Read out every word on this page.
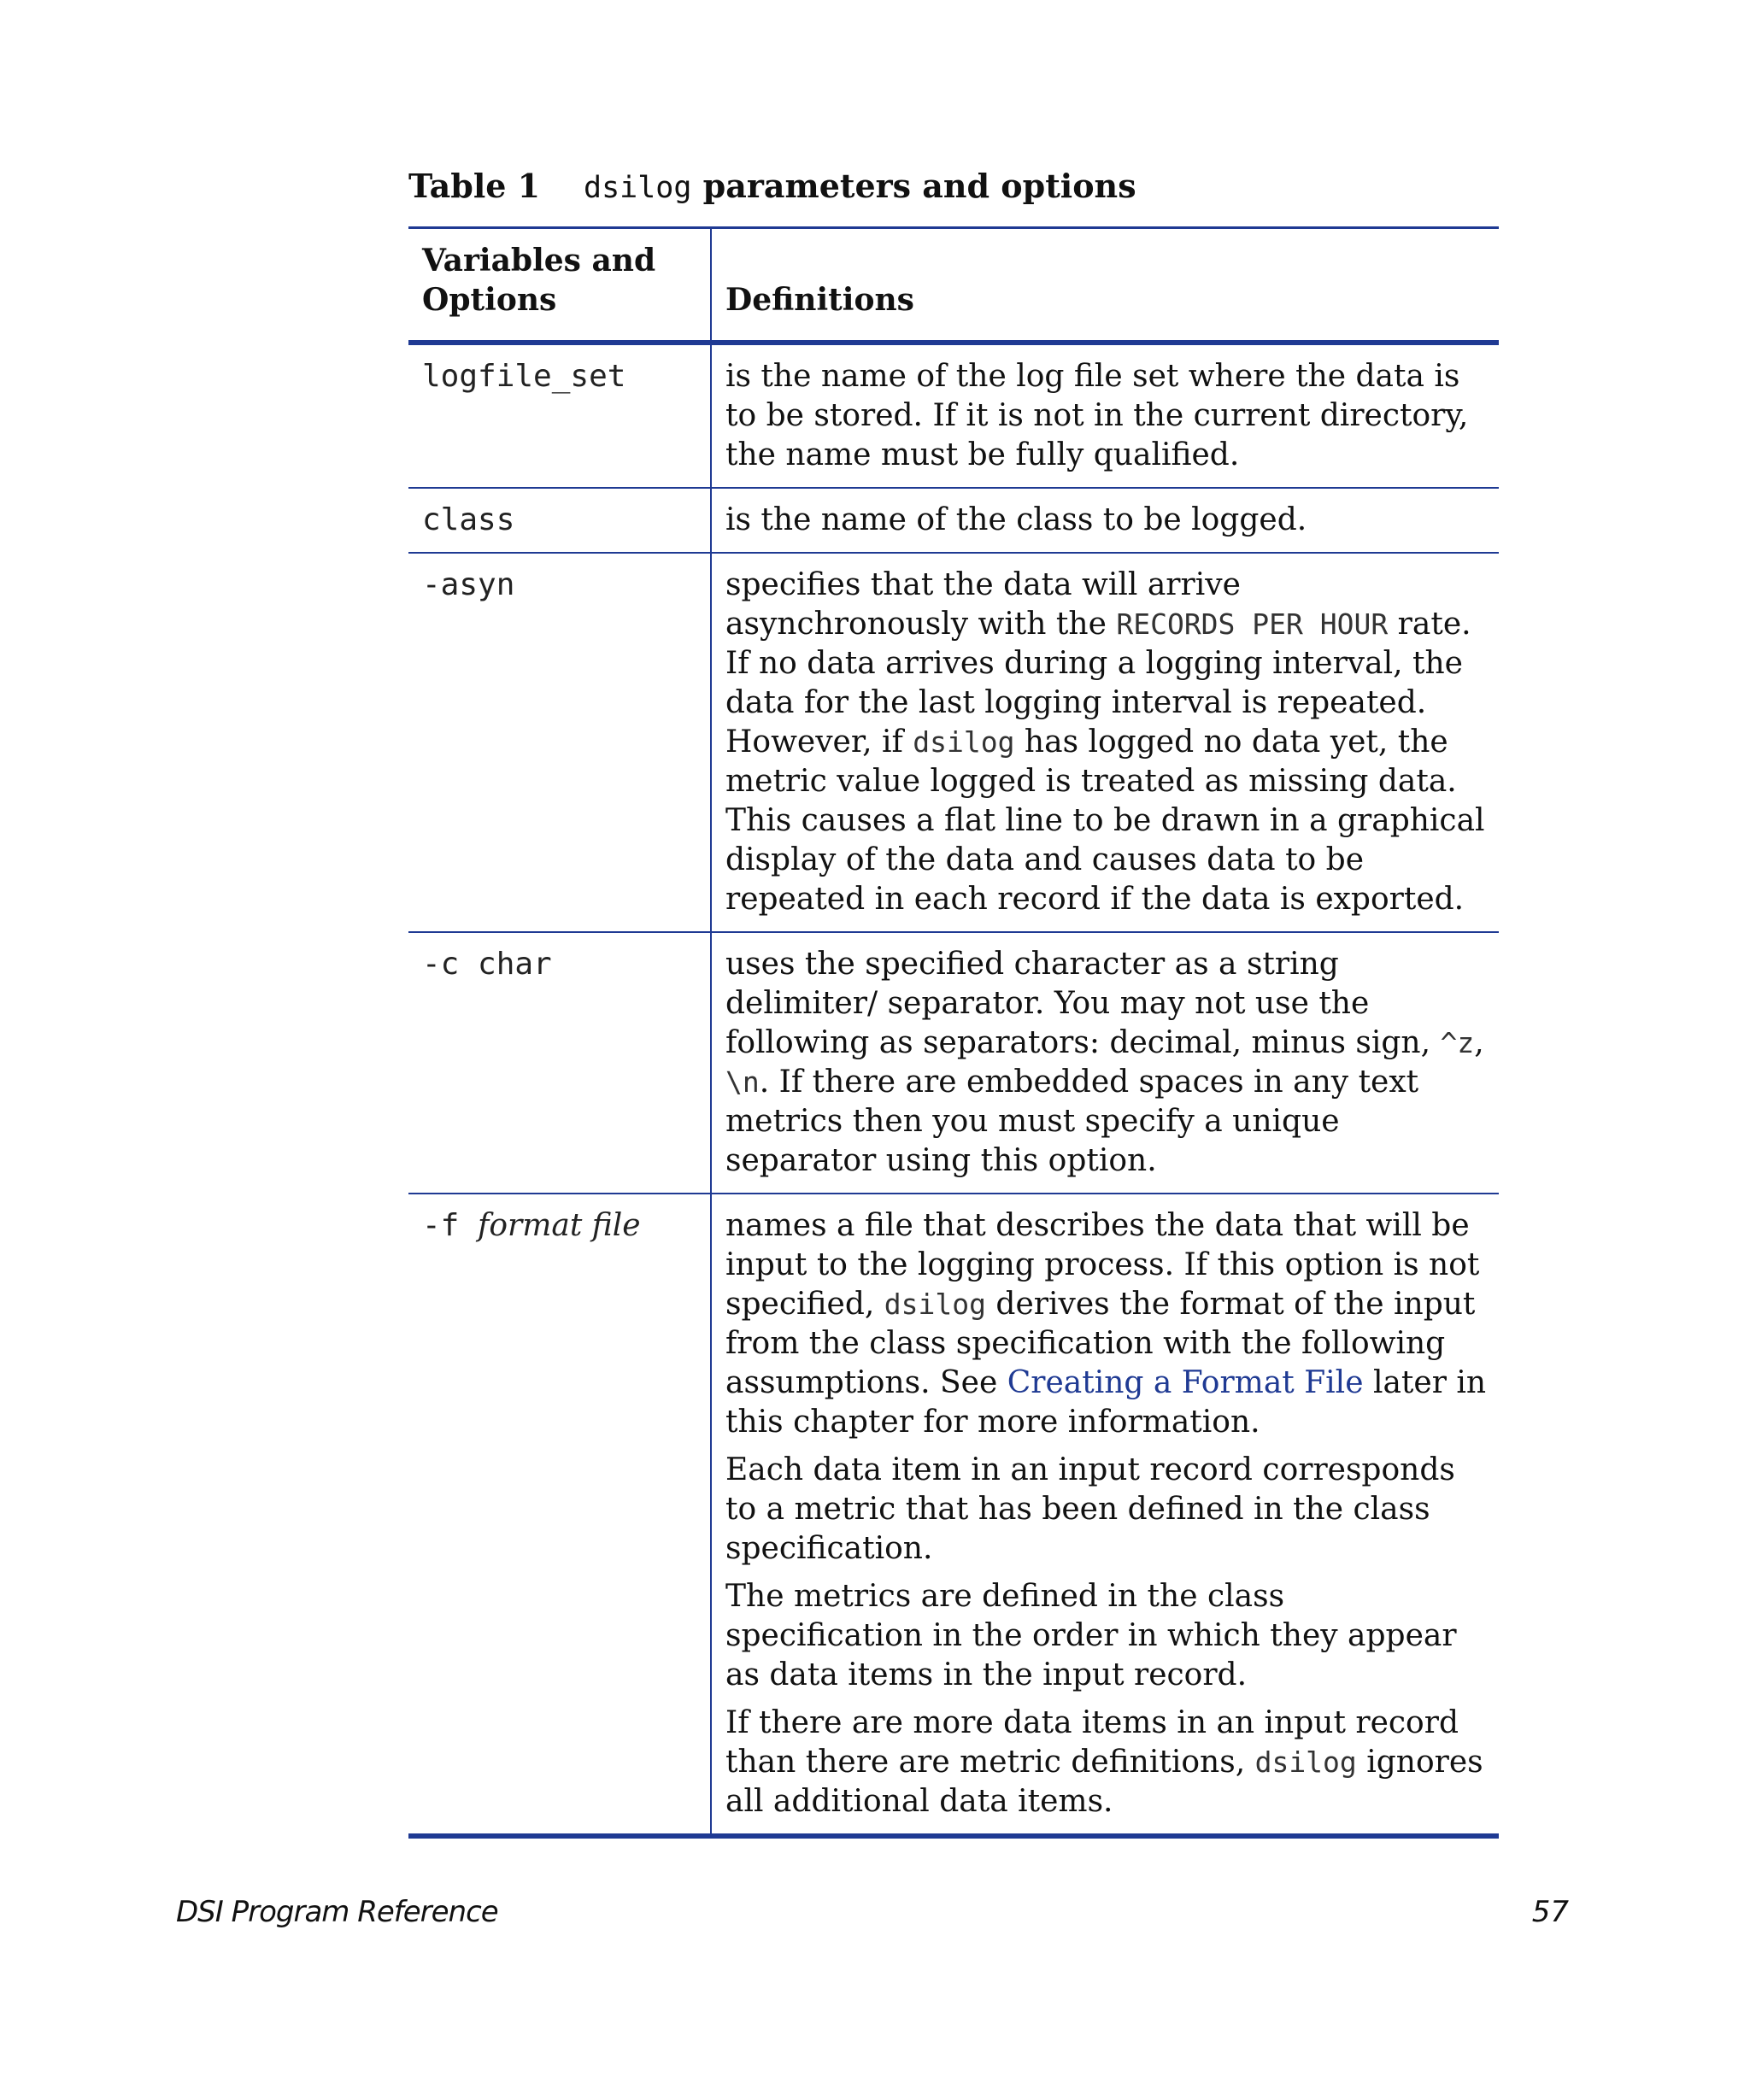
Table 1 dsilog parameters and options
Variables and
Options	Definitions
logfile_set	is the name of the log file set where the data is to be stored. If it is not in the current directory, the name must be fully qualified.
class	is the name of the class to be logged.
-asyn	specifies that the data will arrive asynchronously with the RECORDS PER HOUR rate. If no data arrives during a logging interval, the data for the last logging interval is repeated. However, if dsilog has logged no data yet, the metric value logged is treated as missing data. This causes a flat line to be drawn in a graphical display of the data and causes data to be repeated in each record if the data is exported.
-c char	uses the specified character as a string delimiter/ separator. You may not use the following as separators: decimal, minus sign, ^z, \n. If there are embedded spaces in any text metrics then you must specify a unique separator using this option.
-f format file	names a file that describes the data that will be input to the logging process. If this option is not specified, dsilog derives the format of the input from the class specification with the following assumptions. See Creating a Format File later in this chapter for more information.

Each data item in an input record corresponds to a metric that has been defined in the class specification.

The metrics are defined in the class specification in the order in which they appear as data items in the input record.

If there are more data items in an input record than there are metric definitions, dsilog ignores all additional data items.

DSI Program Reference	57
